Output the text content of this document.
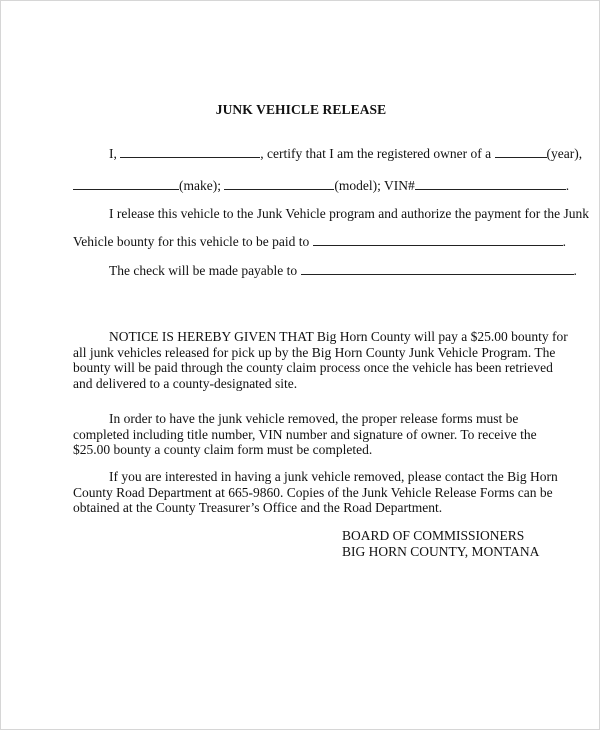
JUNK VEHICLE RELEASE
I,	, certify that I am the registered owner of a	(year),
(make);	(model); VIN#	.
I release this vehicle to the Junk Vehicle program and authorize the payment for the Junk
Vehicle bounty for this vehicle to be paid to	.
The check will be made payable to	.

NOTICE IS HEREBY GIVEN THAT Big Horn County will pay a $25.00 bounty for all junk vehicles released for pick up by the Big Horn County Junk Vehicle Program. The bounty will be paid through the county claim process once the vehicle has been retrieved and delivered to a county-designated site.

In order to have the junk vehicle removed, the proper release forms must be completed including title number, VIN number and signature of owner. To receive the $25.00 bounty a county claim form must be completed.

If you are interested in having a junk vehicle removed, please contact the Big Horn County Road Department at 665-9860. Copies of the Junk Vehicle Release Forms can be obtained at the County Treasurer’s Office and the Road Department.

BOARD OF COMMISSIONERS
BIG HORN COUNTY, MONTANA
